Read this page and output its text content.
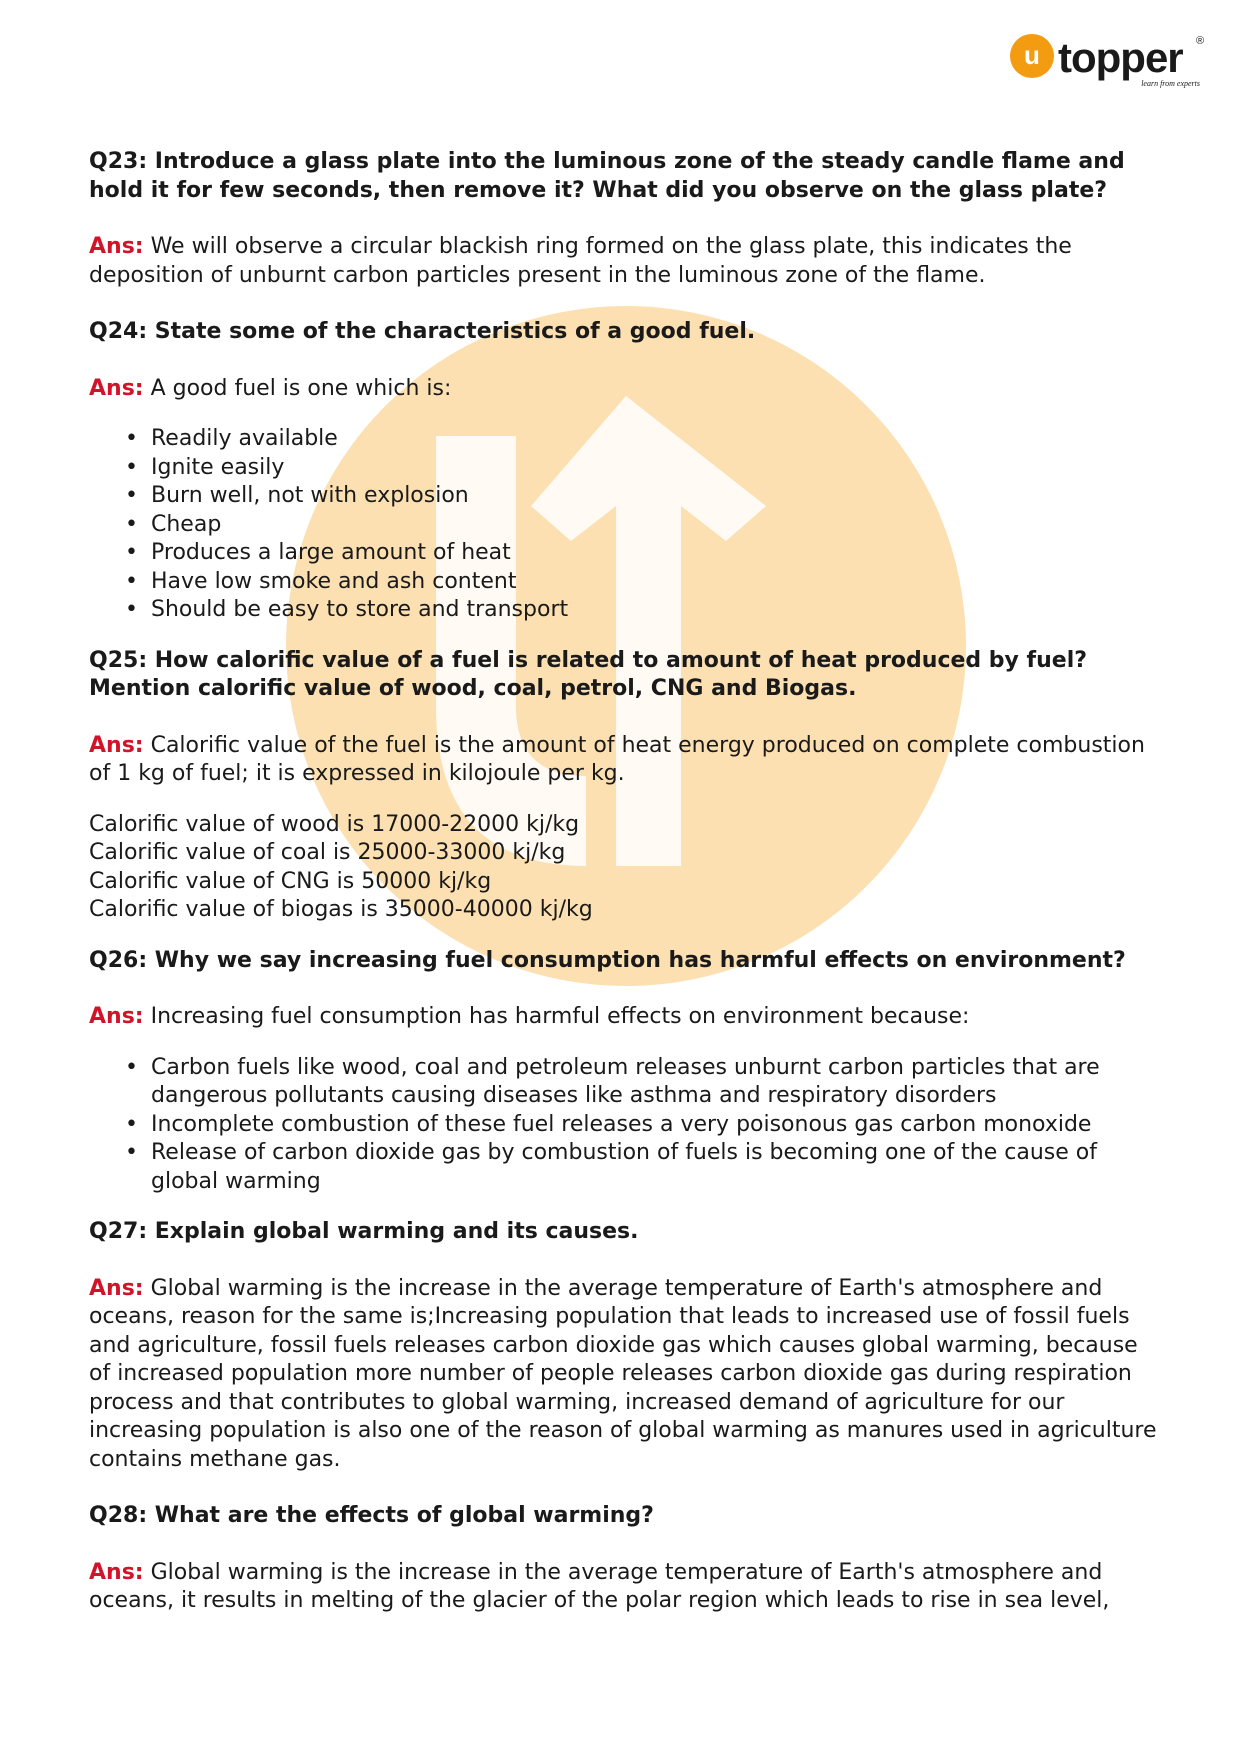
u topper ®
learn from experts

Q23: Introduce a glass plate into the luminous zone of the steady candle flame and hold it for few seconds, then remove it? What did you observe on the glass plate?

Ans: We will observe a circular blackish ring formed on the glass plate, this indicates the deposition of unburnt carbon particles present in the luminous zone of the flame.

Q24: State some of the characteristics of a good fuel.

Ans: A good fuel is one which is:

• Readily available
• Ignite easily
• Burn well, not with explosion
• Cheap
• Produces a large amount of heat
• Have low smoke and ash content
• Should be easy to store and transport

Q25: How calorific value of a fuel is related to amount of heat produced by fuel? Mention calorific value of wood, coal, petrol, CNG and Biogas.

Ans: Calorific value of the fuel is the amount of heat energy produced on complete combustion of 1 kg of fuel; it is expressed in kilojoule per kg.

Calorific value of wood is 17000-22000 kj/kg
Calorific value of coal is 25000-33000 kj/kg
Calorific value of CNG is 50000 kj/kg
Calorific value of biogas is 35000-40000 kj/kg

Q26: Why we say increasing fuel consumption has harmful effects on environment?

Ans: Increasing fuel consumption has harmful effects on environment because:

• Carbon fuels like wood, coal and petroleum releases unburnt carbon particles that are dangerous pollutants causing diseases like asthma and respiratory disorders
• Incomplete combustion of these fuel releases a very poisonous gas carbon monoxide
• Release of carbon dioxide gas by combustion of fuels is becoming one of the cause of global warming

Q27: Explain global warming and its causes.

Ans: Global warming is the increase in the average temperature of Earth's atmosphere and oceans, reason for the same is;Increasing population that leads to increased use of fossil fuels and agriculture, fossil fuels releases carbon dioxide gas which causes global warming, because of increased population more number of people releases carbon dioxide gas during respiration process and that contributes to global warming, increased demand of agriculture for our increasing population is also one of the reason of global warming as manures used in agriculture contains methane gas.

Q28: What are the effects of global warming?

Ans: Global warming is the increase in the average temperature of Earth's atmosphere and oceans, it results in melting of the glacier of the polar region which leads to rise in sea level,
